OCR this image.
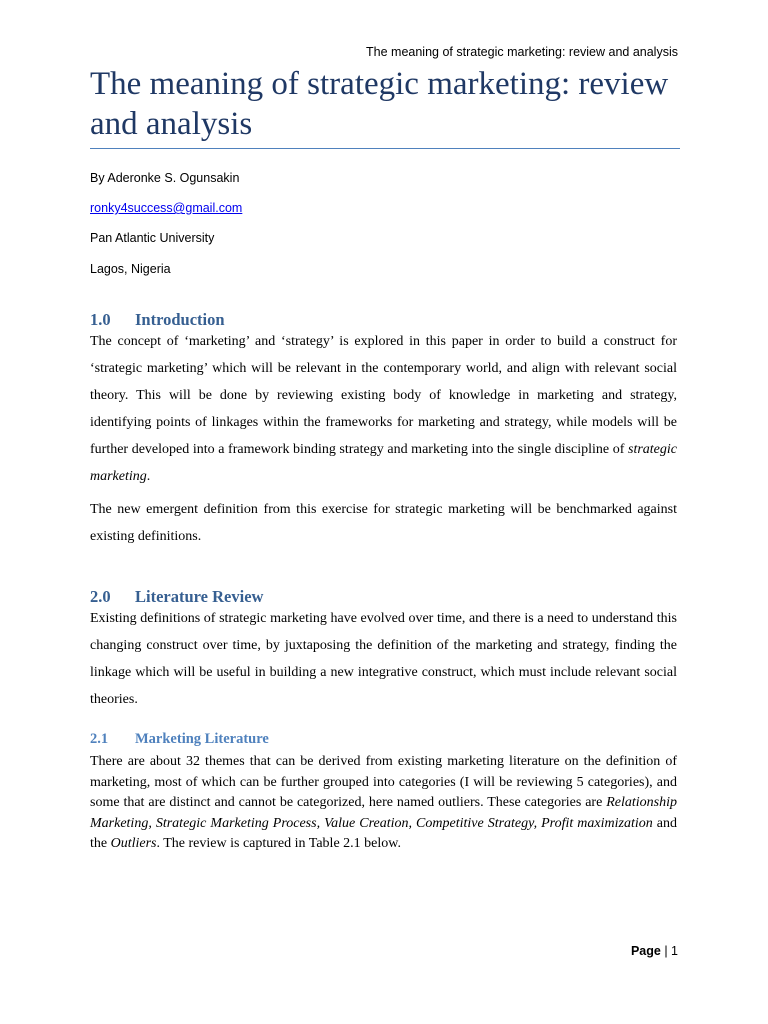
The meaning of strategic marketing: review and analysis
The meaning of strategic marketing: review and analysis
By Aderonke S. Ogunsakin
ronky4success@gmail.com
Pan Atlantic University
Lagos, Nigeria
1.0 Introduction

The concept of ‘marketing’ and ‘strategy’ is explored in this paper in order to build a construct for ‘strategic marketing’ which will be relevant in the contemporary world, and align with relevant social theory. This will be done by reviewing existing body of knowledge in marketing and strategy, identifying points of linkages within the frameworks for marketing and strategy, while models will be further developed into a framework binding strategy and marketing into the single discipline of strategic marketing.

The new emergent definition from this exercise for strategic marketing will be benchmarked against existing definitions.

2.0 Literature Review

Existing definitions of strategic marketing have evolved over time, and there is a need to understand this changing construct over time, by juxtaposing the definition of the marketing and strategy, finding the linkage which will be useful in building a new integrative construct, which must include relevant social theories.

2.1 Marketing Literature

There are about 32 themes that can be derived from existing marketing literature on the definition of marketing, most of which can be further grouped into categories (I will be reviewing 5 categories), and some that are distinct and cannot be categorized, here named outliers. These categories are Relationship Marketing, Strategic Marketing Process, Value Creation, Competitive Strategy, Profit maximization and the Outliers. The review is captured in Table 2.1 below.

Page | 1
